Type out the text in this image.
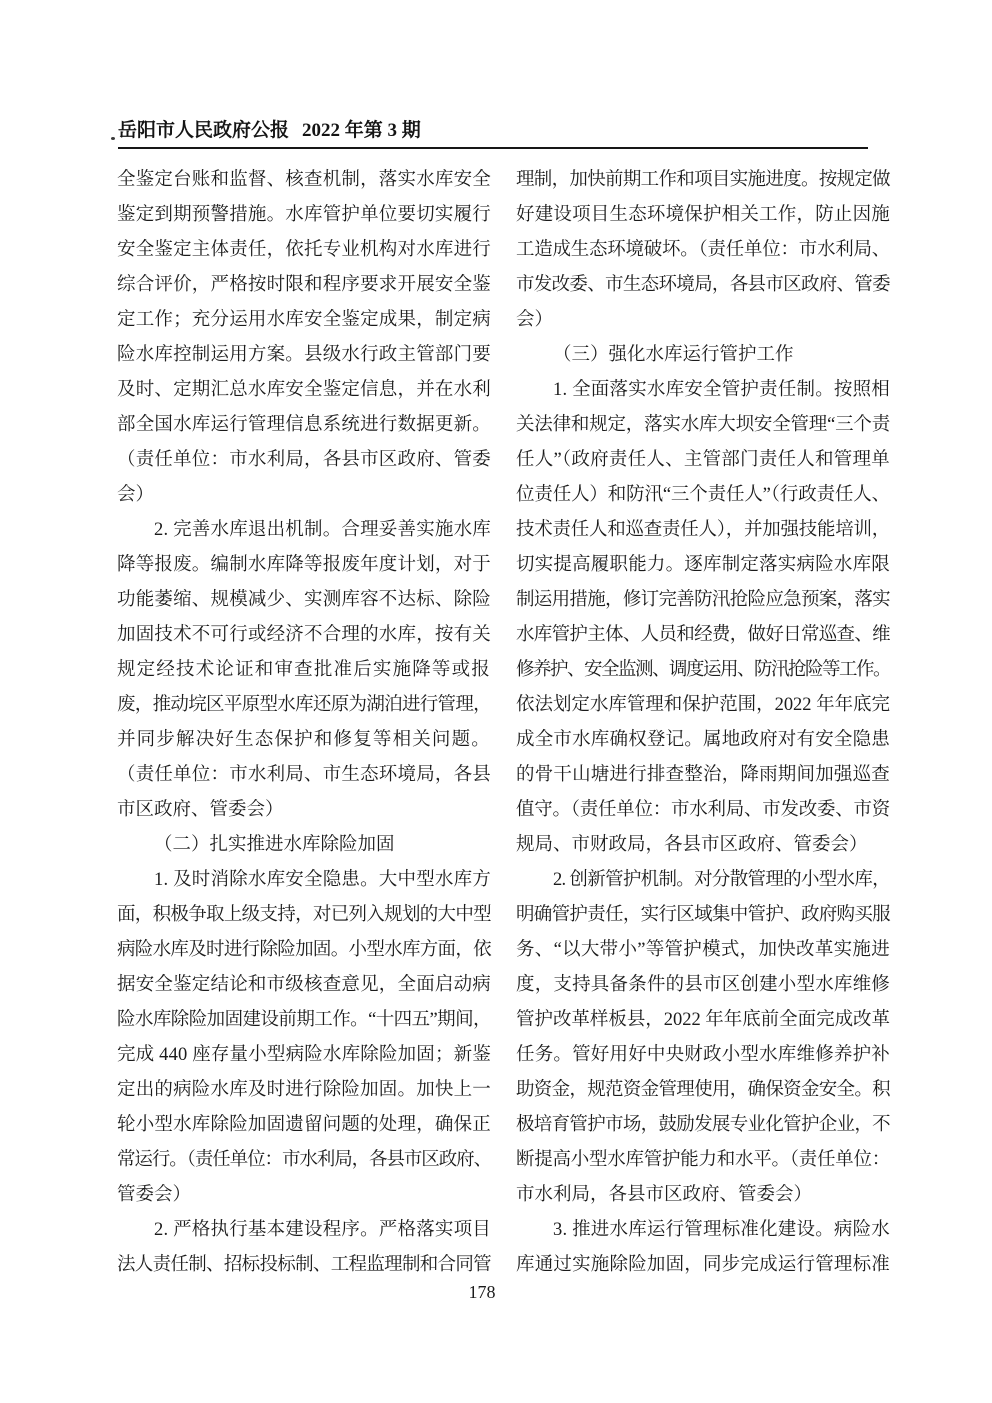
岳阳市人民政府公报 2022 年第 3 期
全鉴定台账和监督、核查机制，落实水库安全
鉴定到期预警措施。水库管护单位要切实履行
安全鉴定主体责任，依托专业机构对水库进行
综合评价，严格按时限和程序要求开展安全鉴
定工作；充分运用水库安全鉴定成果，制定病
险水库控制运用方案。县级水行政主管部门要
及时、定期汇总水库安全鉴定信息，并在水利
部全国水库运行管理信息系统进行数据更新。
（责任单位：市水利局，各县市区政府、管委
会）
2. 完善水库退出机制。合理妥善实施水库
降等报废。编制水库降等报废年度计划，对于
功能萎缩、规模减少、实测库容不达标、除险
加固技术不可行或经济不合理的水库，按有关
规定经技术论证和审查批准后实施降等或报
废，推动垸区平原型水库还原为湖泊进行管理，
并同步解决好生态保护和修复等相关问题。
（责任单位：市水利局、市生态环境局，各县
市区政府、管委会）
（二）扎实推进水库除险加固
1. 及时消除水库安全隐患。大中型水库方
面，积极争取上级支持，对已列入规划的大中型
病险水库及时进行除险加固。小型水库方面，依
据安全鉴定结论和市级核查意见，全面启动病
险水库除险加固建设前期工作。“十四五”期间，
完成 440 座存量小型病险水库除险加固；新鉴
定出的病险水库及时进行除险加固。加快上一
轮小型水库除险加固遗留问题的处理，确保正
常运行。（责任单位：市水利局，各县市区政府、
管委会）
2. 严格执行基本建设程序。严格落实项目
法人责任制、招标投标制、工程监理制和合同管
理制，加快前期工作和项目实施进度。按规定做
好建设项目生态环境保护相关工作，防止因施
工造成生态环境破坏。（责任单位：市水利局、
市发改委、市生态环境局，各县市区政府、管委
会）
（三）强化水库运行管护工作
1. 全面落实水库安全管护责任制。按照相
关法律和规定，落实水库大坝安全管理“三个责
任人”（政府责任人、主管部门责任人和管理单
位责任人）和防汛“三个责任人”（行政责任人、
技术责任人和巡查责任人），并加强技能培训，
切实提高履职能力。逐库制定落实病险水库限
制运用措施，修订完善防汛抢险应急预案，落实
水库管护主体、人员和经费，做好日常巡查、维
修养护、安全监测、调度运用、防汛抢险等工作。
依法划定水库管理和保护范围，2022 年年底完
成全市水库确权登记。属地政府对有安全隐患
的骨干山塘进行排查整治，降雨期间加强巡查
值守。（责任单位：市水利局、市发改委、市资
规局、市财政局，各县市区政府、管委会）
2. 创新管护机制。对分散管理的小型水库，
明确管护责任，实行区域集中管护、政府购买服
务、“以大带小”等管护模式，加快改革实施进
度，支持具备条件的县市区创建小型水库维修
管护改革样板县，2022 年年底前全面完成改革
任务。管好用好中央财政小型水库维修养护补
助资金，规范资金管理使用，确保资金安全。积
极培育管护市场，鼓励发展专业化管护企业，不
断提高小型水库管护能力和水平。（责任单位：
市水利局，各县市区政府、管委会）
3. 推进水库运行管理标准化建设。病险水
库通过实施除险加固，同步完成运行管理标准
178
